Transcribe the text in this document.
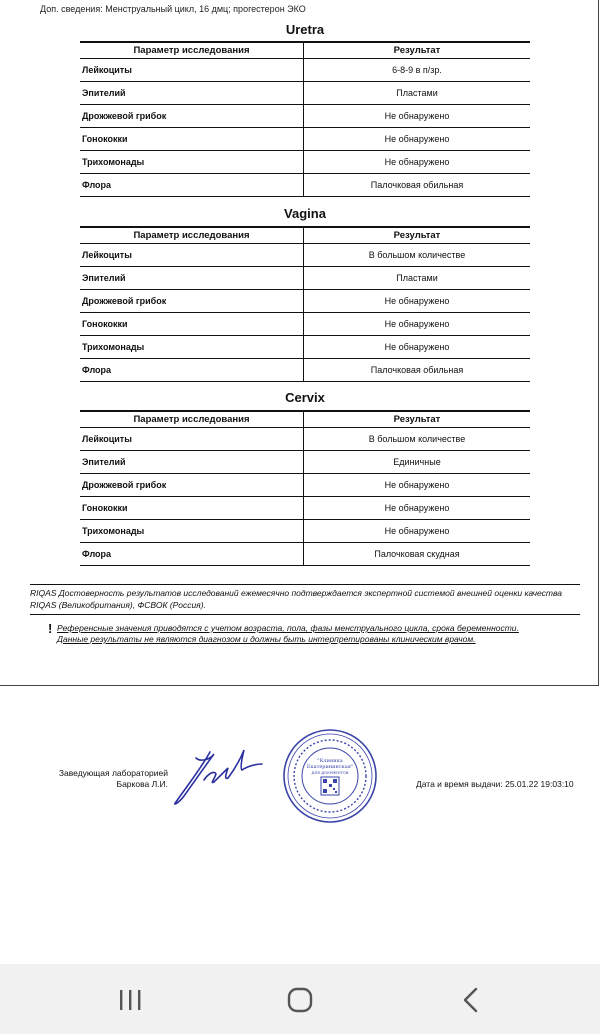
Доп. сведения: Менструальный цикл, 16 дмц; прогестерон ЭКО
Uretra
Параметр исследования	Результат
Лейкоциты	6-8-9 в п/зр.
Эпителий	Пластами
Дрожжевой грибок	Не обнаружено
Гонококки	Не обнаружено
Трихомонады	Не обнаружено
Флора	Палочковая обильная
Vagina
Параметр исследования	Результат
Лейкоциты	В большом количестве
Эпителий	Пластами
Дрожжевой грибок	Не обнаружено
Гонококки	Не обнаружено
Трихомонады	Не обнаружено
Флора	Палочковая обильная
Cervix
Параметр исследования	Результат
Лейкоциты	В большом количестве
Эпителий	Единичные
Дрожжевой грибок	Не обнаружено
Гонококки	Не обнаружено
Трихомонады	Не обнаружено
Флора	Палочковая скудная
RIQAS Достоверность результатов исследований ежемесячно подтверждается экспертной системой внешней оценки качества RIQAS (Великобритания), ФСВОК (Россия).
! Референсные значения приводятся с учетом возраста, пола, фазы менструального цикла, срока беременности.
Данные результаты не являются диагнозом и должны быть интерпретированы клиническим врачом.
Заведующая лабораторией
Баркова Л.И.
"Клиника
Екатерининская"
ДЛЯ ДОКУМЕНТОВ
Дата и время выдачи: 25.01.22 19:03:10
